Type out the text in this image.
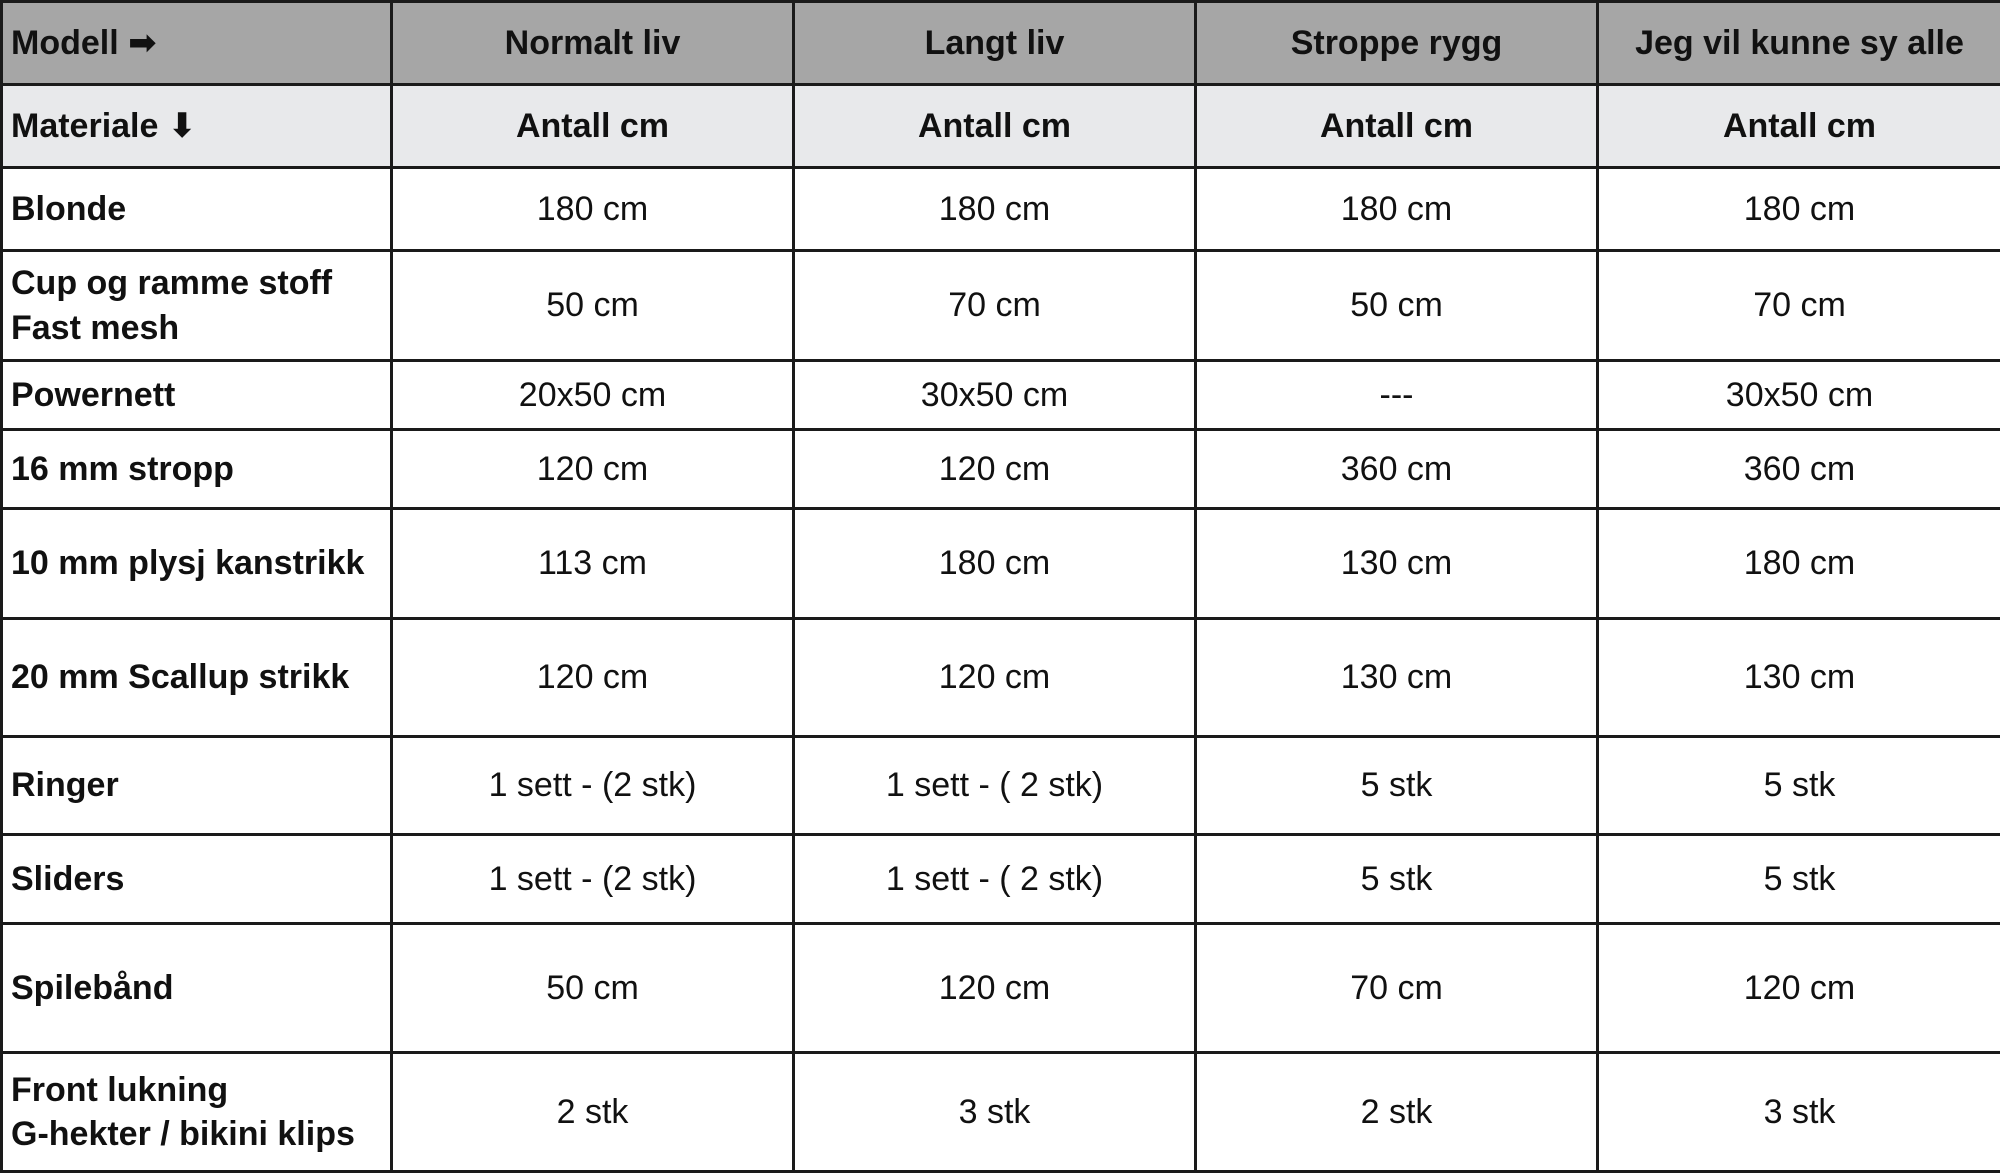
Modell ➡	Normalt liv	Langt liv	Stroppe rygg	Jeg vil kunne sy alle
Materiale ⬇	Antall cm	Antall cm	Antall cm	Antall cm

Blonde	180 cm	180 cm	180 cm	180 cm

Cup og ramme stoff
Fast mesh	50 cm	70 cm	50 cm	70 cm

Powernett	20x50 cm	30x50 cm	---	30x50 cm

16 mm stropp	120 cm	120 cm	360 cm	360 cm

10 mm plysj kanstrikk	113 cm	180 cm	130 cm	180 cm

20 mm Scallup strikk	120 cm	120 cm	130 cm	130 cm

Ringer	1 sett - (2 stk)	1 sett - ( 2 stk)	5 stk	5 stk

Sliders	1 sett - (2 stk)	1 sett - ( 2 stk)	5 stk	5 stk

Spilebånd	50 cm	120 cm	70 cm	120 cm

Front lukning
G-hekter / bikini klips	2 stk	3 stk	2 stk	3 stk
